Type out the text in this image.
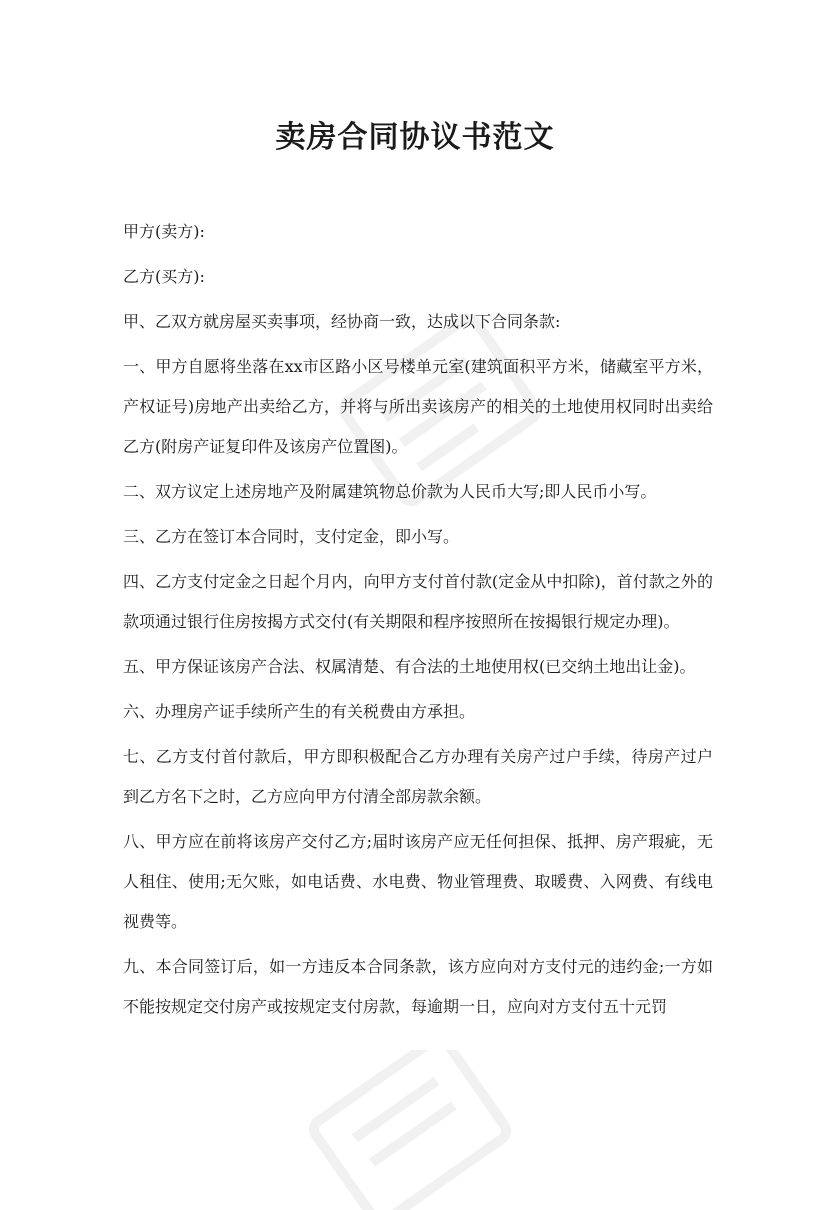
卖房合同协议书范文

甲方(卖方):

乙方(买方):

甲、乙双方就房屋买卖事项，经协商一致，达成以下合同条款:

一、甲方自愿将坐落在xx市区路小区号楼单元室(建筑面积平方米，储藏室平方米，产权证号)房地产出卖给乙方，并将与所出卖该房产的相关的土地使用权同时出卖给乙方(附房产证复印件及该房产位置图)。

二、双方议定上述房地产及附属建筑物总价款为人民币大写;即人民币小写。

三、乙方在签订本合同时，支付定金，即小写。

四、乙方支付定金之日起个月内，向甲方支付首付款(定金从中扣除)，首付款之外的款项通过银行住房按揭方式交付(有关期限和程序按照所在按揭银行规定办理)。

五、甲方保证该房产合法、权属清楚、有合法的土地使用权(已交纳土地出让金)。

六、办理房产证手续所产生的有关税费由方承担。

七、乙方支付首付款后，甲方即积极配合乙方办理有关房产过户手续，待房产过户到乙方名下之时，乙方应向甲方付清全部房款余额。

八、甲方应在前将该房产交付乙方;届时该房产应无任何担保、抵押、房产瑕疵，无人租住、使用;无欠账，如电话费、水电费、物业管理费、取暖费、入网费、有线电视费等。

九、本合同签订后，如一方违反本合同条款，该方应向对方支付元的违约金;一方如不能按规定交付房产或按规定支付房款，每逾期一日，应向对方支付五十元罚
